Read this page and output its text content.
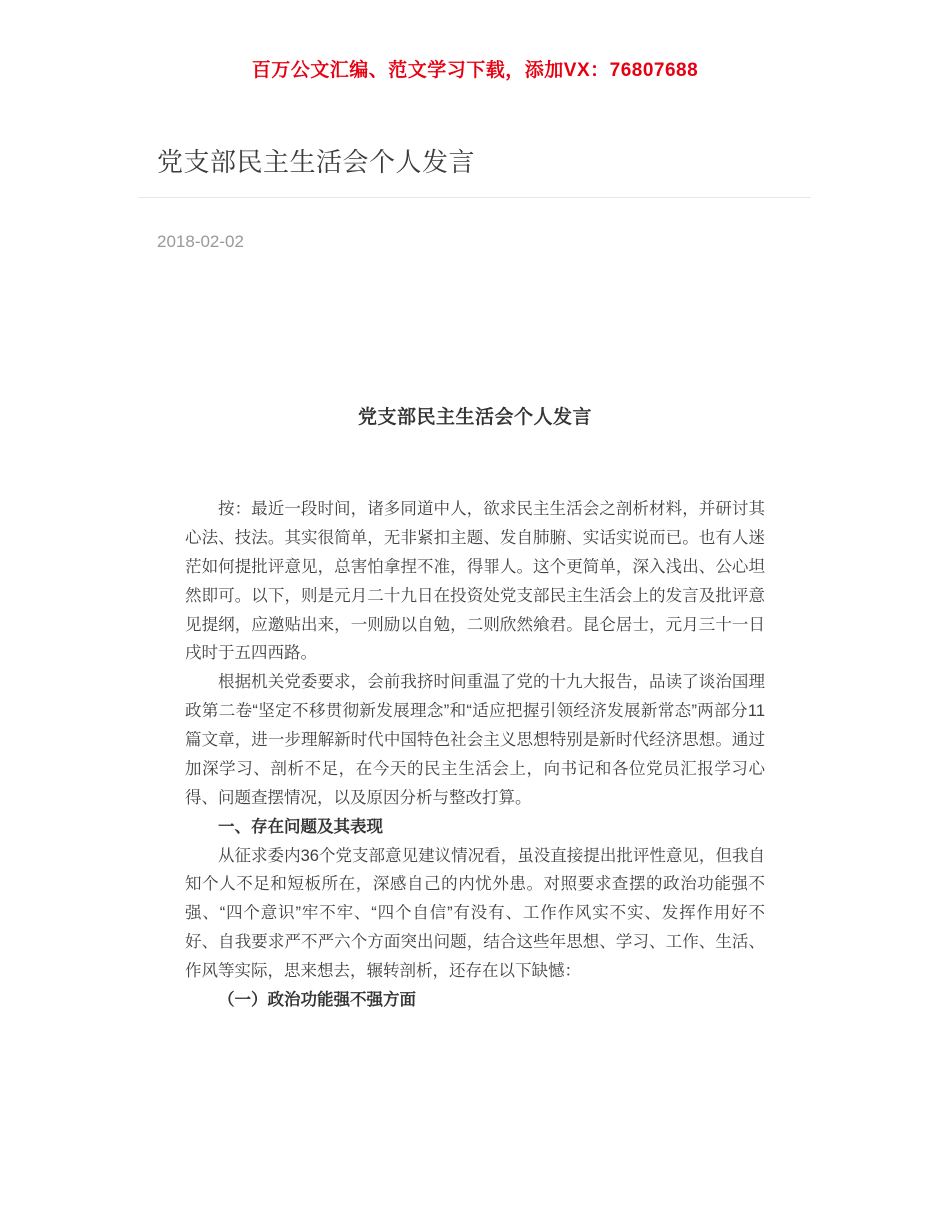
百万公文汇编、范文学习下载，添加VX：76807688
党支部民主生活会个人发言
2018-02-02
党支部民主生活会个人发言

按：最近一段时间，诸多同道中人，欲求民主生活会之剖析材料，并研讨其心法、技法。其实很简单，无非紧扣主题、发自肺腑、实话实说而已。也有人迷茫如何提批评意见，总害怕拿捏不准，得罪人。这个更简单，深入浅出、公心坦然即可。以下，则是元月二十九日在投资处党支部民主生活会上的发言及批评意见提纲，应邀贴出来，一则励以自勉，二则欣然飨君。昆仑居士，元月三十一日戌时于五四西路。

根据机关党委要求，会前我挤时间重温了党的十九大报告，品读了谈治国理政第二卷“坚定不移贯彻新发展理念”和“适应把握引领经济发展新常态”两部分11篇文章，进一步理解新时代中国特色社会主义思想特别是新时代经济思想。通过加深学习、剖析不足，在今天的民主生活会上，向书记和各位党员汇报学习心得、问题查摆情况，以及原因分析与整改打算。

一、存在问题及其表现

从征求委内36个党支部意见建议情况看，虽没直接提出批评性意见，但我自知个人不足和短板所在，深感自己的内忧外患。对照要求查摆的政治功能强不强、“四个意识”牢不牢、“四个自信”有没有、工作作风实不实、发挥作用好不好、自我要求严不严六个方面突出问题，结合这些年思想、学习、工作、生活、作风等实际，思来想去，辗转剖析，还存在以下缺憾：

（一）政治功能强不强方面
